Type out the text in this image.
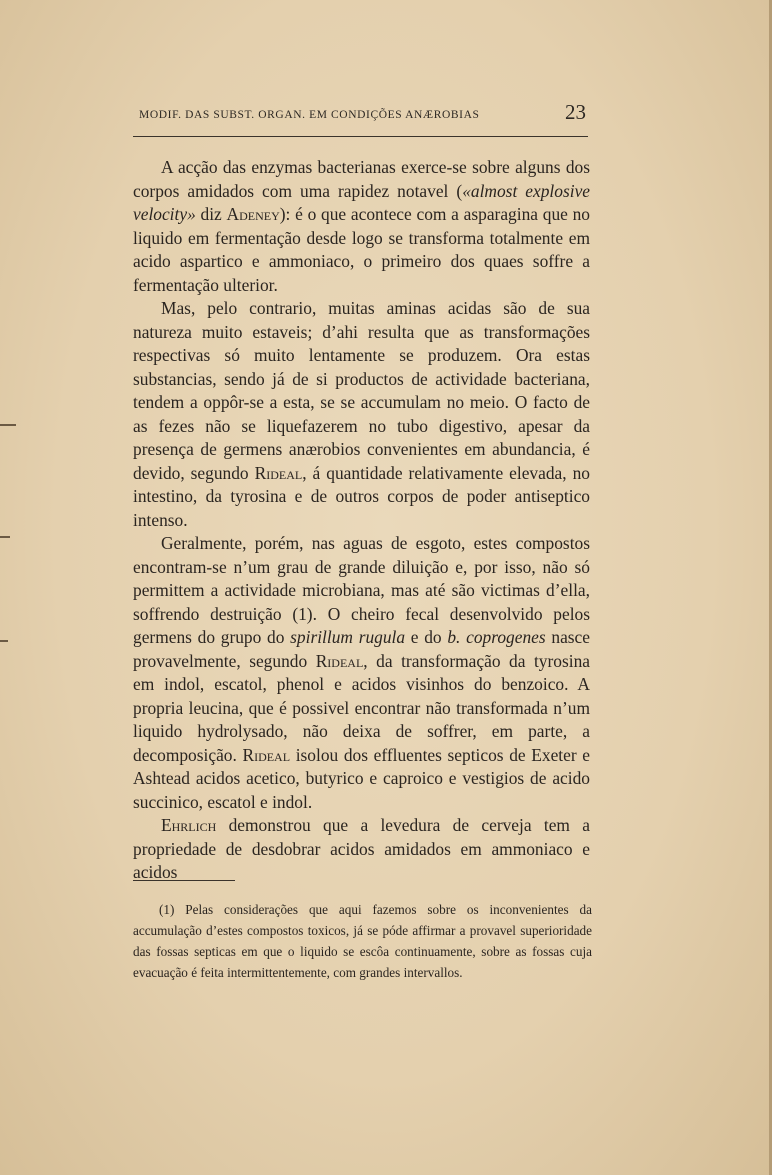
MODIF. DAS SUBST. ORGAN. EM CONDIÇÕES ANÆROBIAS	23

A acção das enzymas bacterianas exerce-se sobre alguns dos corpos amidados com uma rapidez notavel («almost explosive velocity» diz Adeney): é o que acontece com a asparagina que no liquido em fermentação desde logo se transforma totalmente em acido aspartico e ammoniaco, o primeiro dos quaes soffre a fermentação ulterior.

Mas, pelo contrario, muitas aminas acidas são de sua natureza muito estaveis; d’ahi resulta que as transformações respectivas só muito lentamente se produzem. Ora estas substancias, sendo já de si productos de actividade bacteriana, tendem a oppôr-se a esta, se se accumulam no meio. O facto de as fezes não se liquefazerem no tubo digestivo, apesar da presença de germens anærobios convenientes em abundancia, é devido, segundo Rideal, á quantidade relativamente elevada, no intestino, da tyrosina e de outros corpos de poder antiseptico intenso.

Geralmente, porém, nas aguas de esgoto, estes compostos encontram-se n’um grau de grande diluição e, por isso, não só permittem a actividade microbiana, mas até são victimas d’ella, soffrendo destruição (1). O cheiro fecal desenvolvido pelos germens do grupo do spirillum rugula e do b. coprogenes nasce provavelmente, segundo Rideal, da transformação da tyrosina em indol, escatol, phenol e acidos visinhos do benzoico. A propria leucina, que é possivel encontrar não transformada n’um liquido hydrolysado, não deixa de soffrer, em parte, a decomposição. Rideal isolou dos effluentes septicos de Exeter e Ashtead acidos acetico, butyrico e caproico e vestigios de acido succinico, escatol e indol.

Ehrlich demonstrou que a levedura de cerveja tem a propriedade de desdobrar acidos amidados em ammoniaco e acidos

(1) Pelas considerações que aqui fazemos sobre os inconvenientes da accumulação d’estes compostos toxicos, já se póde affirmar a provavel superioridade das fossas septicas em que o liquido se escôa continuamente, sobre as fossas cuja evacuação é feita intermittentemente, com grandes intervallos.
